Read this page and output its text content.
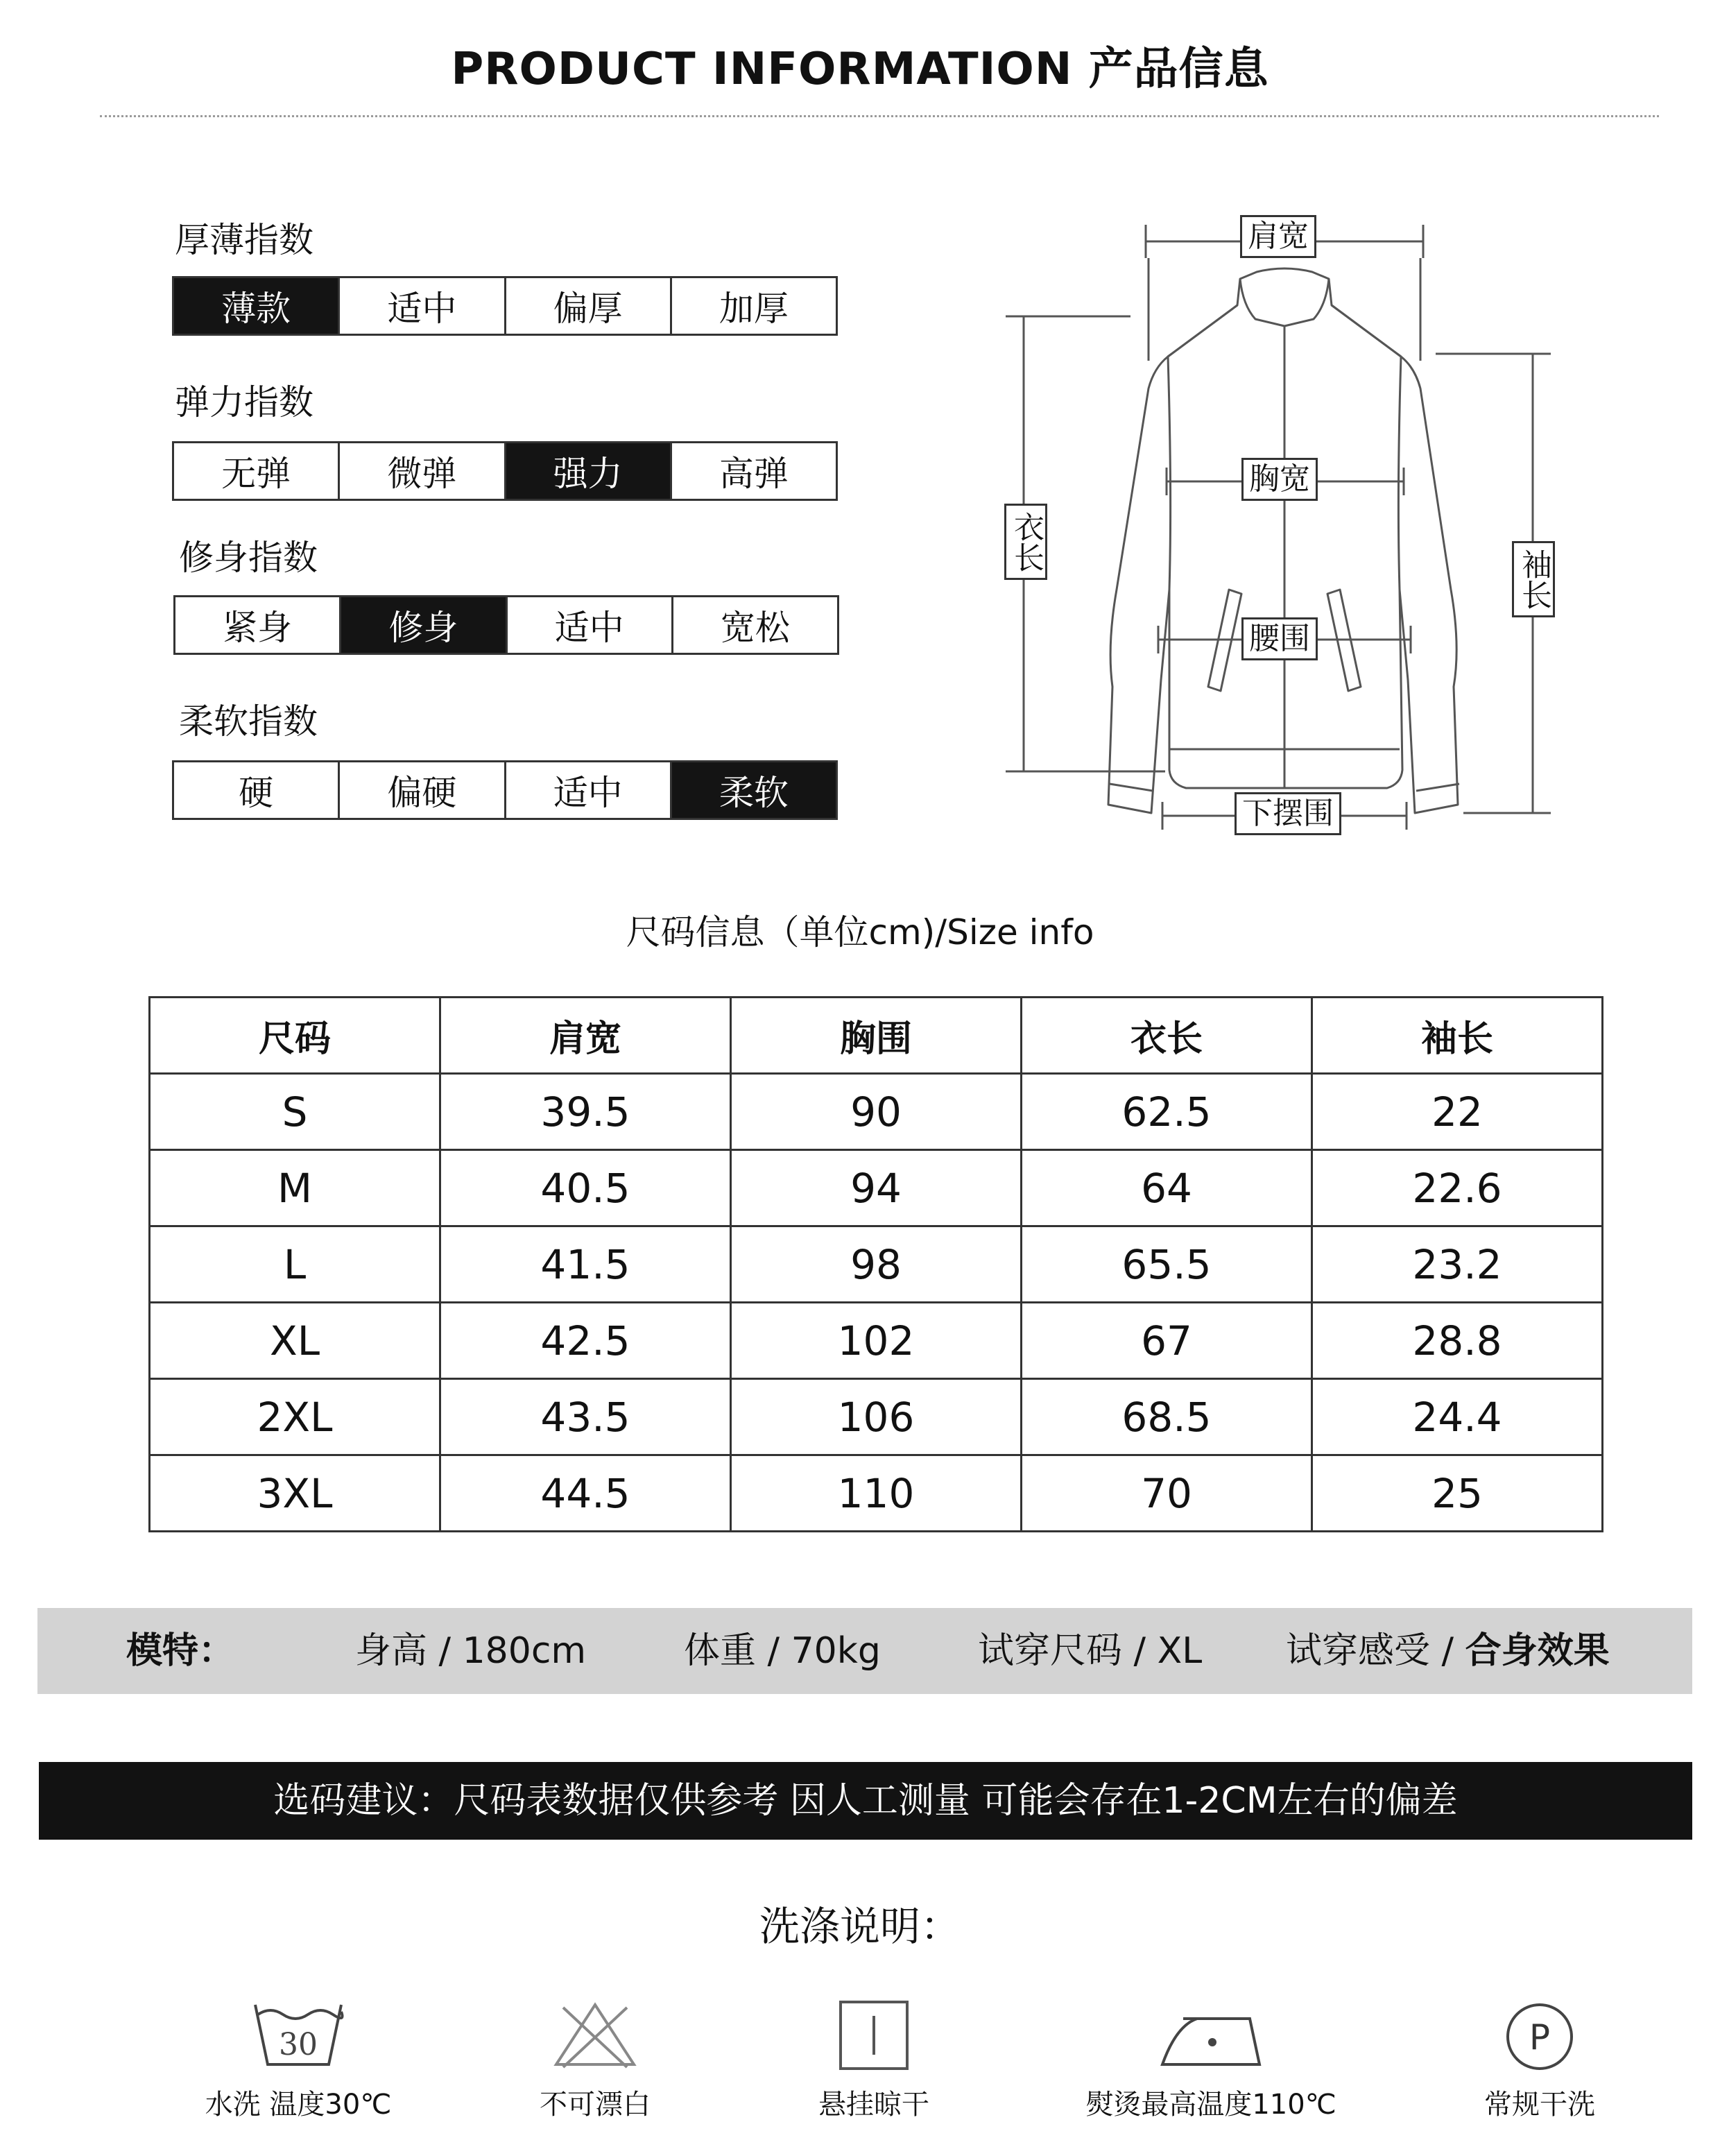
PRODUCT INFORMATION 产品信息
厚薄指数
薄款	适中	偏厚	加厚
弹力指数
无弹	微弹	强力	高弹
修身指数
紧身	修身	适中	宽松
柔软指数
硬	偏硬	适中	柔软
肩宽
胸宽
腰围
下摆围
衣长
袖长
尺码信息（单位cm)/Size info
尺码	肩宽	胸围	衣长	袖长
S	39.5	90	62.5	22
M	40.5	94	64	22.6
L	41.5	98	65.5	23.2
XL	42.5	102	67	28.8
2XL	43.5	106	68.5	24.4
3XL	44.5	110	70	25
模特：	身高 / 180cm	体重 / 70kg	试穿尺码 / XL 试穿感受 / 合身效果
选码建议：尺码表数据仅供参考 因人工测量 可能会存在1-2CM左右的偏差
洗涤说明：
30
水洗 温度30℃	不可漂白	悬挂晾干	熨烫最高温度110℃
P
常规干洗
